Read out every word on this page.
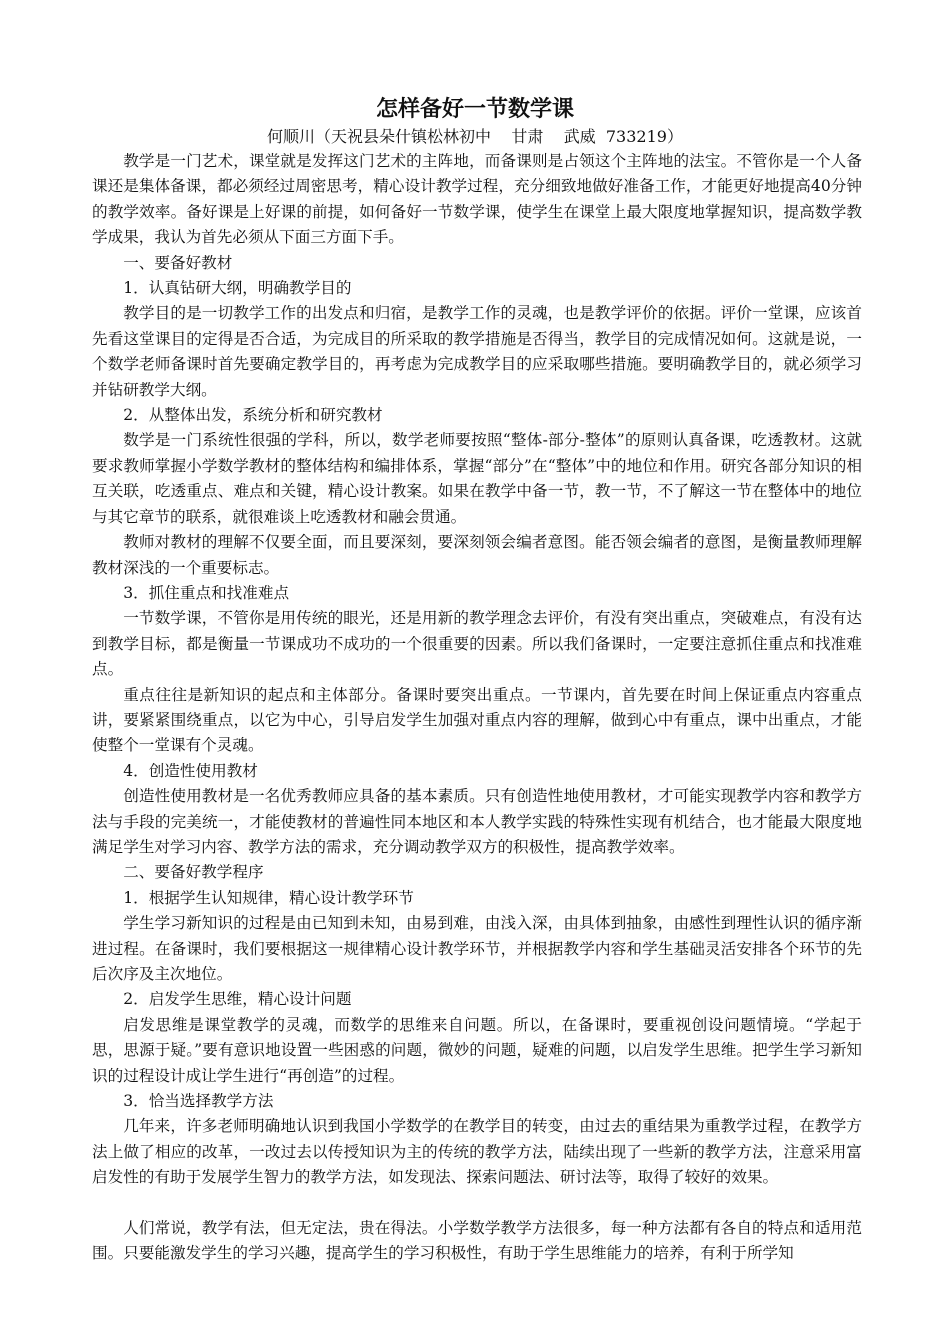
怎样备好一节数学课
何顺川（天祝县朵什镇松林初中    甘肃    武威  733219）

教学是一门艺术，课堂就是发挥这门艺术的主阵地，而备课则是占领这个主阵地的法宝。不管你是一个人备课还是集体备课，都必须经过周密思考，精心设计教学过程，充分细致地做好准备工作，才能更好地提高40分钟的教学效率。备好课是上好课的前提，如何备好一节数学课，使学生在课堂上最大限度地掌握知识，提高数学教学成果，我认为首先必须从下面三方面下手。

一、要备好教材

1．认真钻研大纲，明确教学目的

教学目的是一切教学工作的出发点和归宿，是教学工作的灵魂，也是教学评价的依据。评价一堂课，应该首先看这堂课目的定得是否合适，为完成目的所采取的教学措施是否得当，教学目的完成情况如何。这就是说，一个数学老师备课时首先要确定教学目的，再考虑为完成教学目的应采取哪些措施。要明确教学目的，就必须学习并钻研教学大纲。

2．从整体出发，系统分析和研究教材

数学是一门系统性很强的学科，所以，数学老师要按照“整体-部分-整体”的原则认真备课，吃透教材。这就要求教师掌握小学数学教材的整体结构和编排体系，掌握“部分”在“整体”中的地位和作用。研究各部分知识的相互关联，吃透重点、难点和关键，精心设计教案。如果在教学中备一节，教一节，不了解这一节在整体中的地位与其它章节的联系，就很难谈上吃透教材和融会贯通。

教师对教材的理解不仅要全面，而且要深刻，要深刻领会编者意图。能否领会编者的意图，是衡量教师理解教材深浅的一个重要标志。

3．抓住重点和找准难点

一节数学课，不管你是用传统的眼光，还是用新的教学理念去评价，有没有突出重点，突破难点，有没有达到教学目标，都是衡量一节课成功不成功的一个很重要的因素。所以我们备课时，一定要注意抓住重点和找准难点。

重点往往是新知识的起点和主体部分。备课时要突出重点。一节课内，首先要在时间上保证重点内容重点讲，要紧紧围绕重点，以它为中心，引导启发学生加强对重点内容的理解，做到心中有重点，课中出重点，才能使整个一堂课有个灵魂。

4．创造性使用教材

创造性使用教材是一名优秀教师应具备的基本素质。只有创造性地使用教材，才可能实现教学内容和教学方法与手段的完美统一，才能使教材的普遍性同本地区和本人教学实践的特殊性实现有机结合，也才能最大限度地满足学生对学习内容、教学方法的需求，充分调动教学双方的积极性，提高教学效率。

二、要备好教学程序

1．根据学生认知规律，精心设计教学环节

学生学习新知识的过程是由已知到未知，由易到难，由浅入深，由具体到抽象，由感性到理性认识的循序渐进过程。在备课时，我们要根据这一规律精心设计教学环节，并根据教学内容和学生基础灵活安排各个环节的先后次序及主次地位。

2．启发学生思维，精心设计问题

启发思维是课堂教学的灵魂，而数学的思维来自问题。所以，在备课时，要重视创设问题情境。“学起于思，思源于疑。”要有意识地设置一些困惑的问题，微妙的问题，疑难的问题，以启发学生思维。把学生学习新知识的过程设计成让学生进行“再创造”的过程。

3．恰当选择教学方法

几年来，许多老师明确地认识到我国小学数学的在教学目的转变，由过去的重结果为重教学过程，在教学方法上做了相应的改革，一改过去以传授知识为主的传统的教学方法，陆续出现了一些新的教学方法，注意采用富启发性的有助于发展学生智力的教学方法，如发现法、探索问题法、研讨法等，取得了较好的效果。

人们常说，教学有法，但无定法，贵在得法。小学数学教学方法很多，每一种方法都有各自的特点和适用范围。只要能激发学生的学习兴趣，提高学生的学习积极性，有助于学生思维能力的培养，有利于所学知
